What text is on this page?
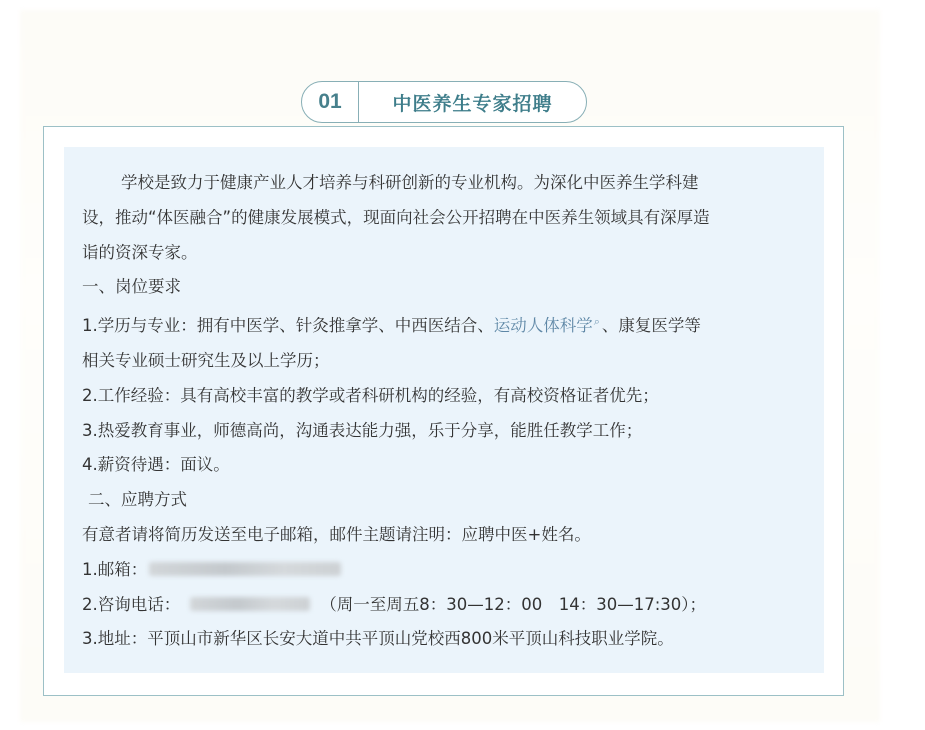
01	中医养生专家招聘

学校是致力于健康产业人才培养与科研创新的专业机构。为深化中医养生学科建

设，推动“体医融合”的健康发展模式，现面向社会公开招聘在中医养生领域具有深厚造

诣的资深专家。

一、岗位要求

1.学历与专业：拥有中医学、针灸推拿学、中西医结合、运动人体科学⌕ 、康复医学等

相关专业硕士研究生及以上学历；

2.工作经验：具有高校丰富的教学或者科研机构的经验，有高校资格证者优先；

3.热爱教育事业，师德高尚，沟通表达能力强，乐于分享，能胜任教学工作；

4.薪资待遇：面议。

二、应聘方式

有意者请将简历发送至电子邮箱，邮件主题请注明：应聘中医+姓名。

1.邮箱：

2.咨询电话：	（周一至周五8：30—12：00　14：30—17:30）；

3.地址：平顶山市新华区长安大道中共平顶山党校西800米平顶山科技职业学院。
